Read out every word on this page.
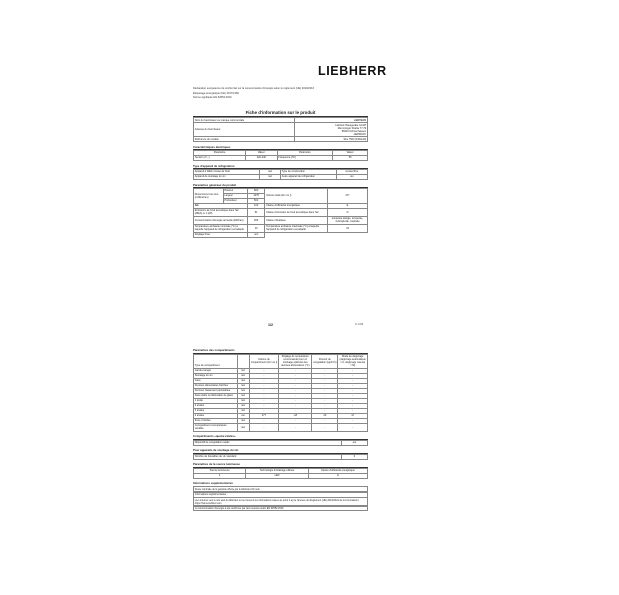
LIEBHERR
Déclaration européenne de conformité sur la consommation d'énergie selon le règlement (UE) 2019/2016
Étiquetage énergétique (UE) 2017/1369
Norme appliquée EN 62552:2020
Fiche d'information sur le produit
Nom du fournisseur ou marque commerciale	LIEBHERR
Adresse du fournisseur	Liebherr-Hausgeräte GmbH
Memminger Straße 77-79
88416 Ochsenhausen
GERMANY
Référence du modèle	SFe 7500 (FSDA40)
Caractéristiques électriques
Paramètre	Valeur	Paramètre	Valeur
Tension (V ~)	220-240	Fréquence (Hz)	50
Type d'appareil de réfrigération
Appareil à faible niveau de bruit	non	Type de construction	à pose libre
Appareil de stockage du vin	non	Autre appareil de réfrigération	oui
Paramètres généraux du produit
Dimensions hors tout (millimètres)	Hauteur	820	Volume total (dm³ ou l)	477
	Largeur	1475		
	Profondeur	502		
IEE		100	Classe d'efficacité énergétique	E
Émissions de bruit acoustique dans l'air (dB(A) re 1 pW)		51	Classe d'émission de bruit acoustique dans l'air	D
Consommation d'énergie annuelle (kWh/an)		295	Classe climatique	tempérée élargie, tempérée, subtropicale, tropicale
Température ambiante minimale (°C) à laquelle l'appareil de réfrigération est adapté		10	Température ambiante maximale (°C) à laquelle l'appareil de réfrigération est adapté	43
Réglage hiver		non		
1/2	FI-1088
Paramètres des compartiments
Type de compartiment		Volume du compartiment (dm³ ou l)	Réglage de température recommandé pour un stockage optimisé des denrées alimentaires (°C)	Pouvoir de congélation (kg/24 h)	Mode de dégivrage (dégivrage automatique = A, dégivrage manuel = M)
Garde-manger	non	-	-	-	-
Stockage du vin	non	-	-	-	-
Cave	non	-	-	-	-
Denrées alimentaires fraîches	non	-	-	-	-
Denrées hautement périssables	non	-	-	-	-
Sans étoile ou fabrication de glace	non	-	-	-	-
1 étoile	non	-	-	-	-
2 étoiles	non	-	-	-	-
3 étoiles	non	-	-	-	-
4 étoiles	oui	477	-18	20	M
Zone 2 étoiles	non	-	-	-	-
Compartiment à température variable	non	-	-	-	-
Compartiments «quatre étoiles»
Dispositif de congélation rapide	oui
Pour appareils de stockage du vin
Nombre de bouteilles de vin standard	0
Paramètres de la source lumineuse
Source lumineuse	Technologie d'éclairage utilisée	Classe d'efficacité énergétique
2	LED	G
Informations supplémentaires
Durée minimale de la garantie offerte par le fabricant 24 mois
Informations supplémentaires :
Lien internet vers le site web du fabricant où se trouvent les informations visées au point 4 a) de l'annexe du Règlement (UE) 2019/2024 de la Commission: https://home.liebherr.com
La consommation d'énergie a été confirmée par des mesures selon EN 62552:2020.
